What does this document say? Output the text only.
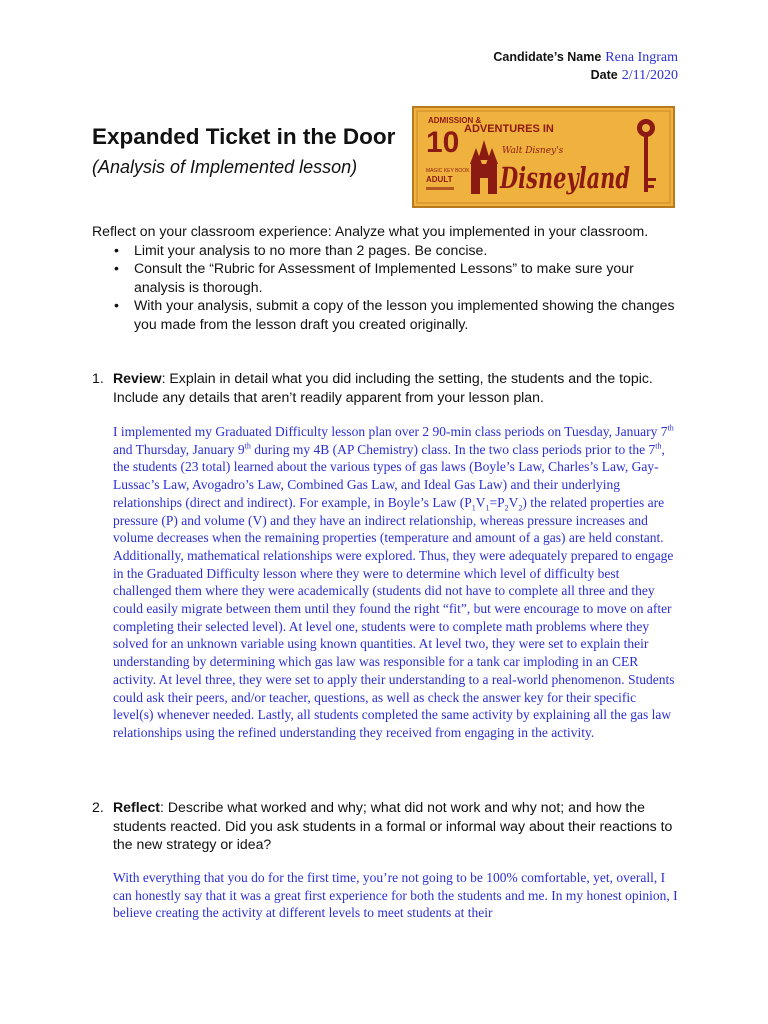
Candidate’s Name Rena Ingram
Date 2/11/2020
Expanded Ticket in the Door
(Analysis of Implemented lesson)
ADMISSION &
10 ADVENTURES IN
MAGIC KEY BOOK
ADULT
Walt Disney's
Disneyland

Reflect on your classroom experience: Analyze what you implemented in your classroom.

• Limit your analysis to no more than 2 pages. Be concise.
• Consult the “Rubric for Assessment of Implemented Lessons” to make sure your analysis is thorough.
• With your analysis, submit a copy of the lesson you implemented showing the changes you made from the lesson draft you created originally.
1. Review: Explain in detail what you did including the setting, the students and the topic. Include any details that aren’t readily apparent from your lesson plan.
I implemented my Graduated Difficulty lesson plan over 2 90-min class periods on Tuesday, January 7th and Thursday, January 9th during my 4B (AP Chemistry) class. In the two class periods prior to the 7th, the students (23 total) learned about the various types of gas laws (Boyle’s Law, Charles’s Law, Gay-Lussac’s Law, Avogadro’s Law, Combined Gas Law, and Ideal Gas Law) and their underlying relationships (direct and indirect). For example, in Boyle’s Law $(P_1V_1=P_2V_2)$ the related properties are pressure (P) and volume (V) and they have an indirect relationship, whereas pressure increases and volume decreases when the remaining properties (temperature and amount of a gas) are held constant. Additionally, mathematical relationships were explored. Thus, they were adequately prepared to engage in the Graduated Difficulty lesson where they were to determine which level of difficulty best challenged them where they were academically (students did not have to complete all three and they could easily migrate between them until they found the right “fit”, but were encourage to move on after completing their selected level). At level one, students were to complete math problems where they solved for an unknown variable using known quantities. At level two, they were set to explain their understanding by determining which gas law was responsible for a tank car imploding in an CER activity. At level three, they were set to apply their understanding to a real-world phenomenon. Students could ask their peers, and/or teacher, questions, as well as check the answer key for their specific level(s) whenever needed. Lastly, all students completed the same activity by explaining all the gas law relationships using the refined understanding they received from engaging in the activity.
2. Reflect: Describe what worked and why; what did not work and why not; and how the students reacted. Did you ask students in a formal or informal way about their reactions to the new strategy or idea?
With everything that you do for the first time, you’re not going to be 100% comfortable, yet, overall, I can honestly say that it was a great first experience for both the students and me. In my honest opinion, I believe creating the activity at different levels to meet students at their
